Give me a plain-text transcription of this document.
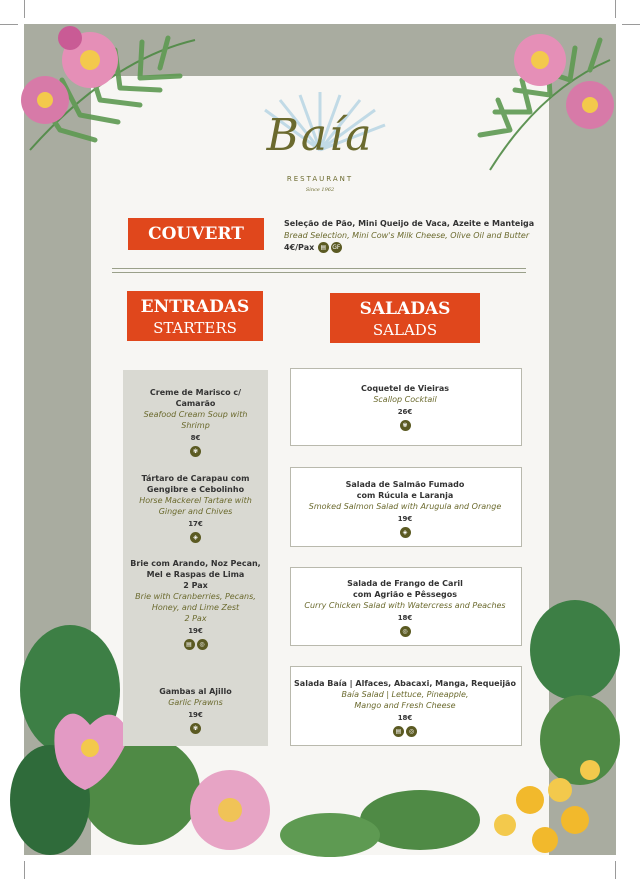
Baía
RESTAURANT
Since 1962
COUVERT
Seleção de Pão, Mini Queijo de Vaca, Azeite e Manteiga
Bread Selection, Mini Cow's Milk Cheese, Olive Oil and Butter
4€/Pax ▤ GF
ENTRADAS
STARTERS
SALADAS
SALADS
Creme de Marisco c/ Camarão
Seafood Cream Soup with Shrimp
8€
✾
Tártaro de Carapau com Gengibre e Cebolinho
Horse Mackerel Tartare with Ginger and Chives
17€
◈
Brie com Arando, Noz Pecan, Mel e Raspas de Lima
2 Pax
Brie with Cranberries, Pecans, Honey, and Lime Zest
2 Pax
19€
▤ ◎
Gambas al Ajillo
Garlic Prawns
19€
✾
Coquetel de Vieiras
Scallop Cocktail
26€
✾
Salada de Salmão Fumado com Rúcula e Laranja
Smoked Salmon Salad with Arugula and Orange
19€
◈
Salada de Frango de Caril com Agrião e Pêssegos
Curry Chicken Salad with Watercress and Peaches
18€
◎
Salada Baía | Alfaces, Abacaxi, Manga, Requeijão
Baía Salad | Lettuce, Pineapple, Mango and Fresh Cheese
18€
▤ ◎
